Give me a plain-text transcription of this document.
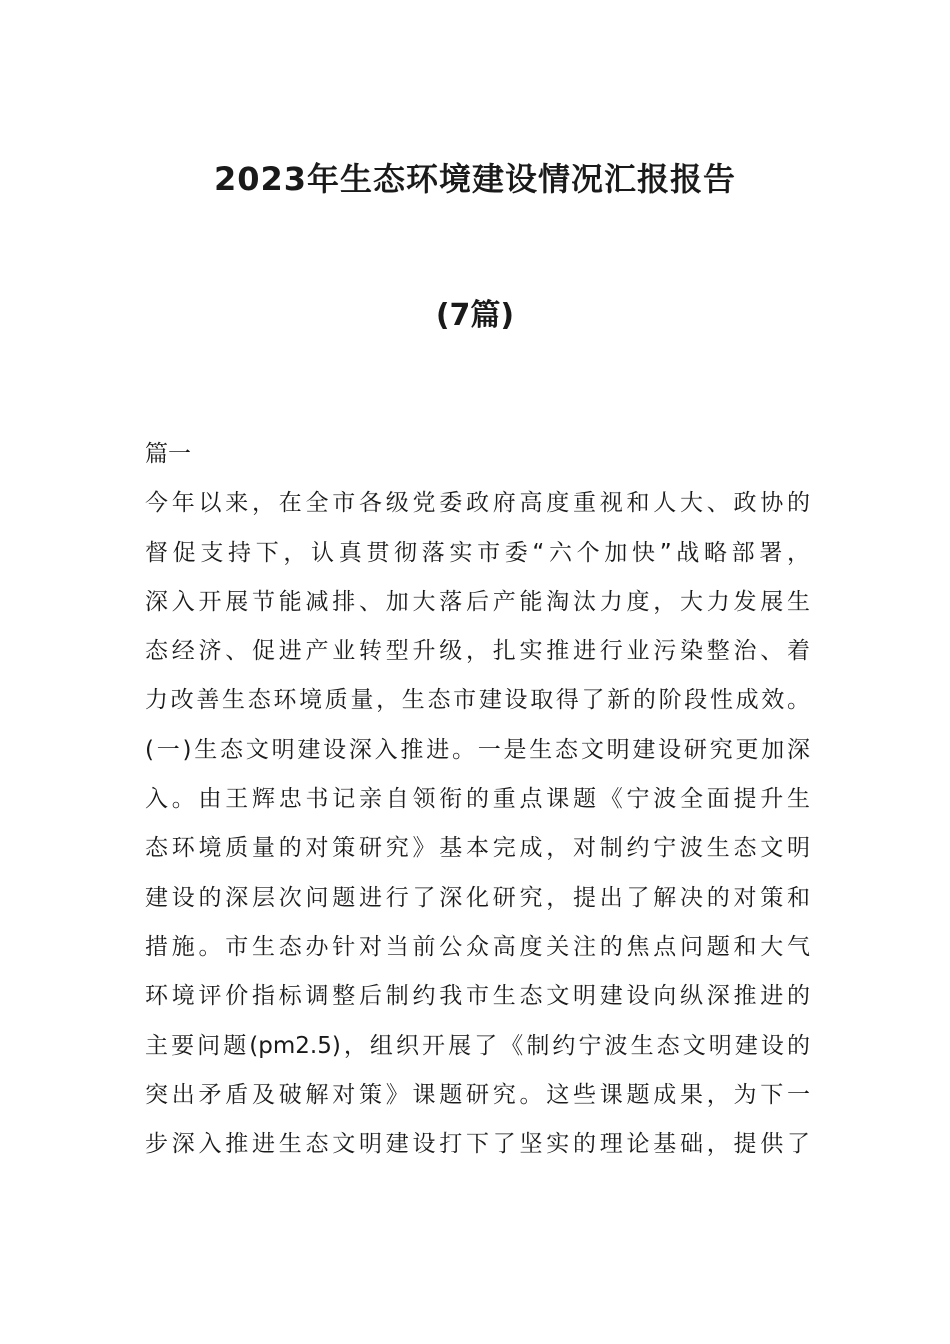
2023年生态环境建设情况汇报报告
(7篇)
篇一
今年以来，在全市各级党委政府高度重视和人大、政协的
督促支持下，认真贯彻落实市委“六个加快”战略部署，
深入开展节能减排、加大落后产能淘汰力度，大力发展生
态经济、促进产业转型升级，扎实推进行业污染整治、着
力改善生态环境质量，生态市建设取得了新的阶段性成效。
(一)生态文明建设深入推进。一是生态文明建设研究更加深
入。由王辉忠书记亲自领衔的重点课题《宁波全面提升生
态环境质量的对策研究》基本完成，对制约宁波生态文明
建设的深层次问题进行了深化研究，提出了解决的对策和
措施。市生态办针对当前公众高度关注的焦点问题和大气
环境评价指标调整后制约我市生态文明建设向纵深推进的
主要问题(pm2.5)，组织开展了《制约宁波生态文明建设的
突出矛盾及破解对策》课题研究。这些课题成果，为下一
步深入推进生态文明建设打下了坚实的理论基础，提供了
